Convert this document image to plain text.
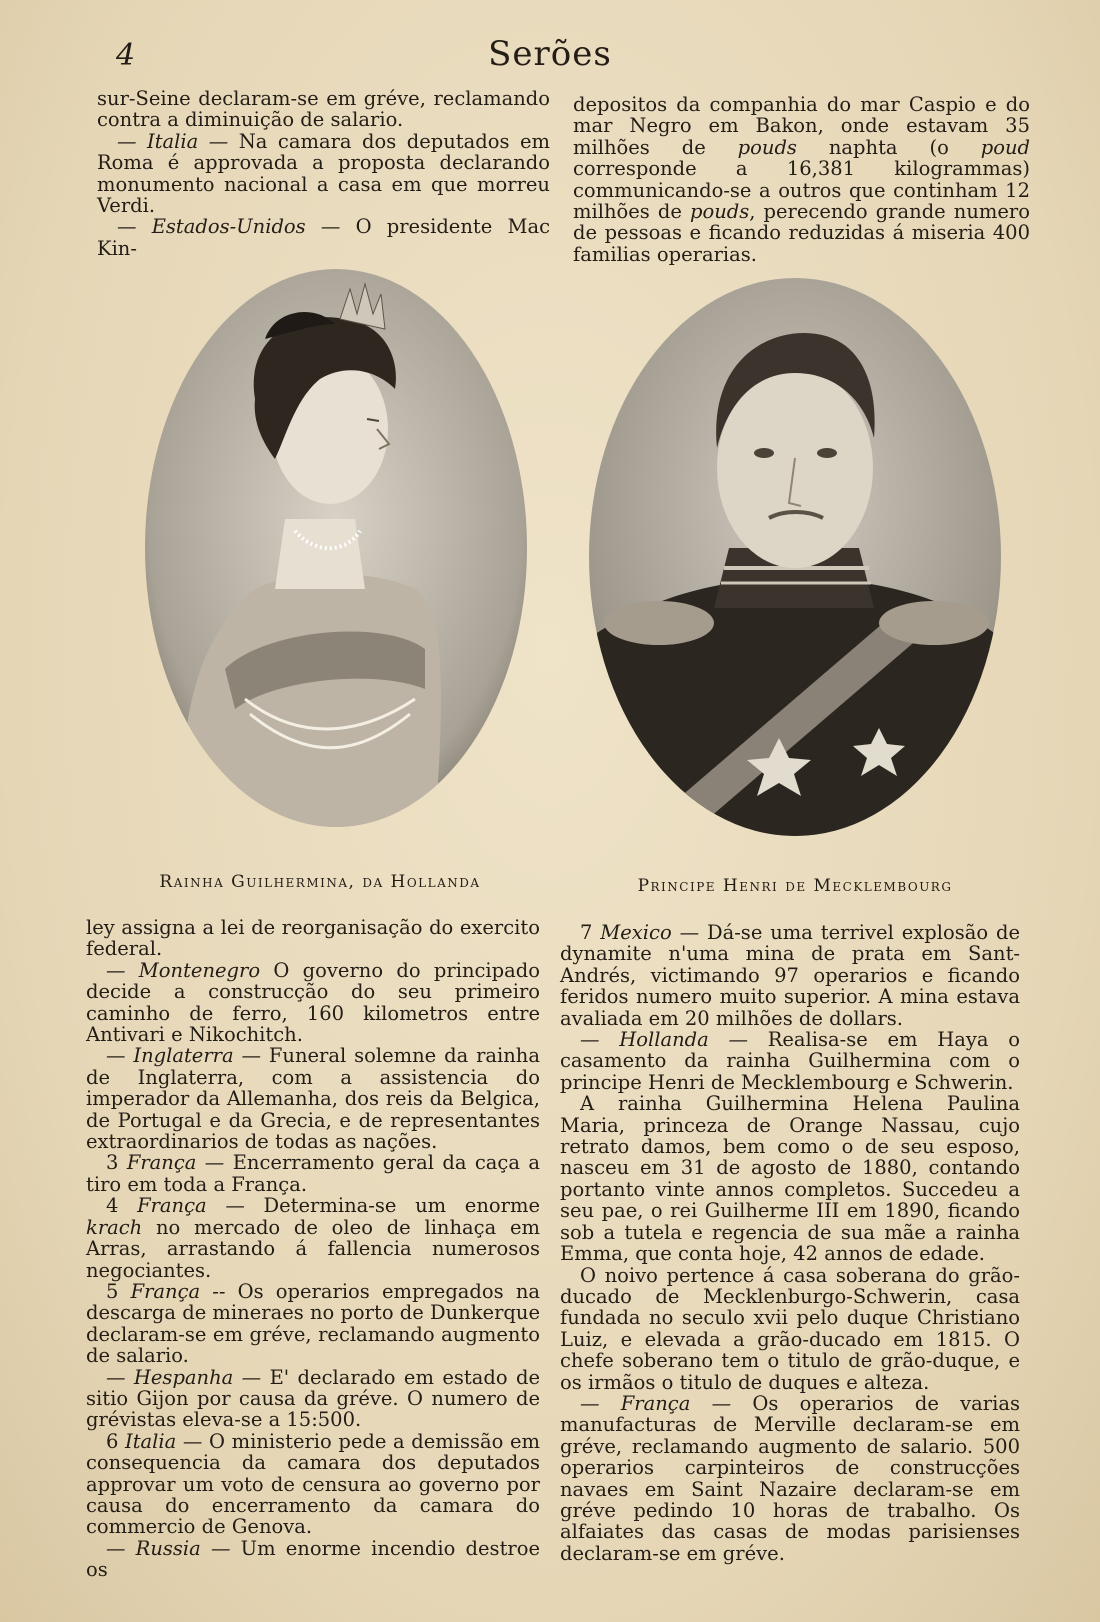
4	Serões

sur-Seine declaram-se em gréve, reclamando contra a diminuição de salario.

— Italia — Na camara dos deputados em Roma é approvada a proposta declarando monumento nacional a casa em que morreu Verdi.

— Estados-Unidos — O presidente Mac Kin-

depositos da companhia do mar Caspio e do mar Negro em Bakon, onde estavam 35 milhões de pouds naphta (o poud corresponde a 16,381 kilogrammas) communicando-se a outros que continham 12 milhões de pouds, perecendo grande numero de pessoas e ficando reduzidas á miseria 400 familias operarias.

Rainha Guilhermina, da Hollanda	Principe Henri de Mecklembourg

ley assigna a lei de reorganisação do exercito federal.

— Montenegro O governo do principado decide a construcção do seu primeiro caminho de ferro, 160 kilometros entre Antivari e Nikochitch.

— Inglaterra — Funeral solemne da rainha de Inglaterra, com a assistencia do imperador da Allemanha, dos reis da Belgica, de Portugal e da Grecia, e de representantes extraordinarios de todas as nações.

3 França — Encerramento geral da caça a tiro em toda a França.

4 França — Determina-se um enorme krach no mercado de oleo de linhaça em Arras, arrastando á fallencia numerosos negociantes.

5 França -- Os operarios empregados na descarga de mineraes no porto de Dunkerque declaram-se em gréve, reclamando augmento de salario.

— Hespanha — E' declarado em estado de sitio Gijon por causa da gréve. O numero de grévistas eleva-se a 15:500.

6 Italia — O ministerio pede a demissão em consequencia da camara dos deputados approvar um voto de censura ao governo por causa do encerramento da camara do commercio de Genova.

— Russia — Um enorme incendio destroe os

7 Mexico — Dá-se uma terrivel explosão de dynamite n'uma mina de prata em Sant-Andrés, victimando 97 operarios e ficando feridos numero muito superior. A mina estava avaliada em 20 milhões de dollars.

— Hollanda — Realisa-se em Haya o casamento da rainha Guilhermina com o principe Henri de Mecklembourg e Schwerin.

A rainha Guilhermina Helena Paulina Maria, princeza de Orange Nassau, cujo retrato damos, bem como o de seu esposo, nasceu em 31 de agosto de 1880, contando portanto vinte annos completos. Succedeu a seu pae, o rei Guilherme III em 1890, ficando sob a tutela e regencia de sua mãe a rainha Emma, que conta hoje, 42 annos de edade.

O noivo pertence á casa soberana do grão-ducado de Mecklenburgo-Schwerin, casa fundada no seculo xvii pelo duque Christiano Luiz, e elevada a grão-ducado em 1815. O chefe soberano tem o titulo de grão-duque, e os irmãos o titulo de duques e alteza.

— França — Os operarios de varias manufacturas de Merville declaram-se em gréve, reclamando augmento de salario. 500 operarios carpinteiros de construcções navaes em Saint Nazaire declaram-se em gréve pedindo 10 horas de trabalho. Os alfaiates das casas de modas parisienses declaram-se em gréve.
